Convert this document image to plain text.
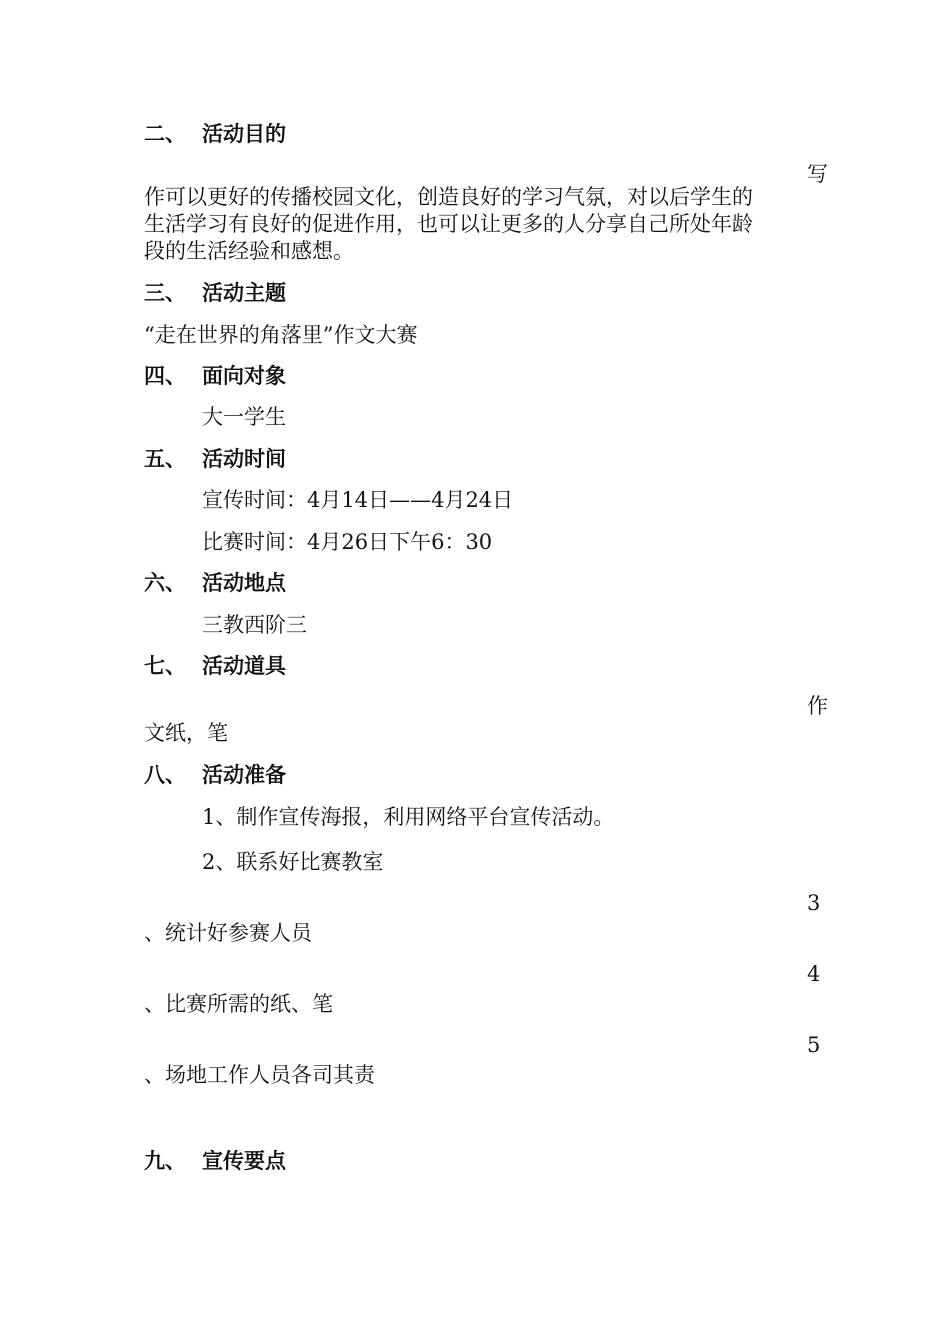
二、 活动目的
写
作可以更好的传播校园文化，创造良好的学习气氛，对以后学生的
生活学习有良好的促进作用，也可以让更多的人分享自己所处年龄
段的生活经验和感想。
三、 活动主题
“走在世界的角落里”作文大赛
四、 面向对象
大一学生
五、 活动时间
宣传时间：4月14日——4月24日
比赛时间：4月26日下午6：30
六、 活动地点
三教西阶三
七、 活动道具
作
文纸，笔
八、 活动准备
1、制作宣传海报，利用网络平台宣传活动。
2、联系好比赛教室
3
、统计好参赛人员
4
、比赛所需的纸、笔
5
、场地工作人员各司其责
九、 宣传要点
